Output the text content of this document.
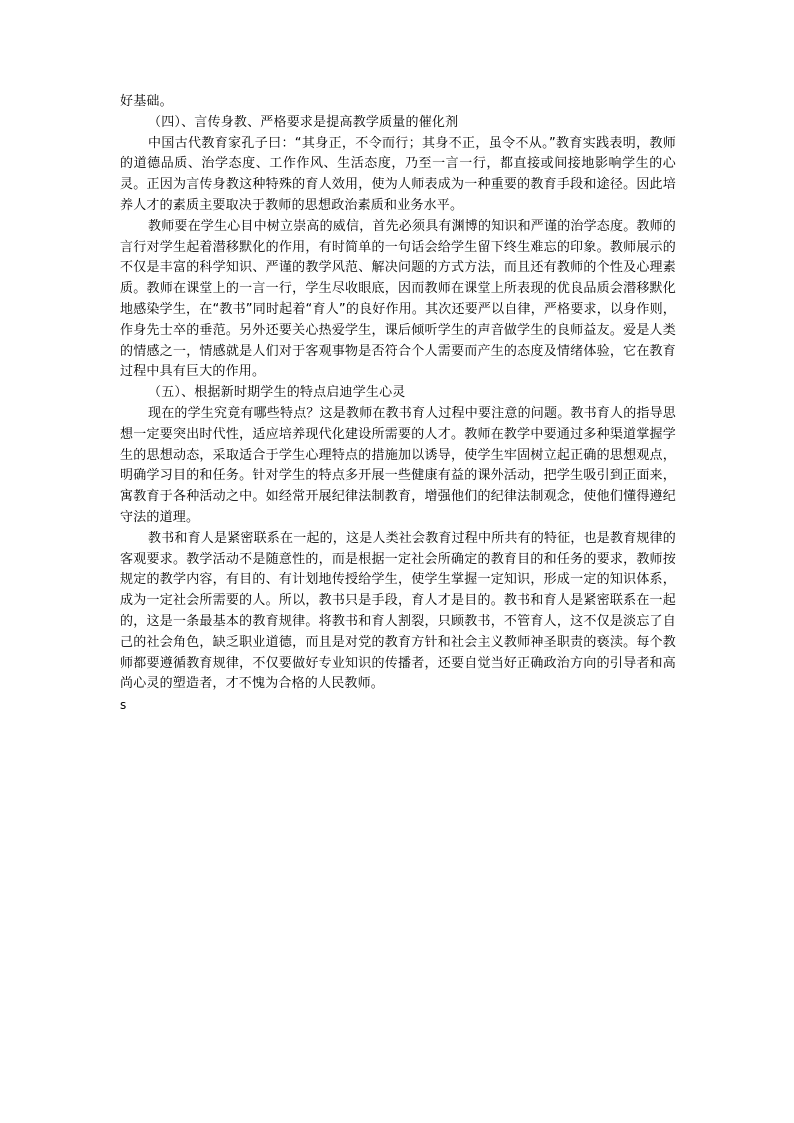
好基础。

（四）、言传身教、严格要求是提高教学质量的催化剂

中国古代教育家孔子曰：“其身正，不令而行；其身不正，虽令不从。”教育实践表明，教师的道德品质、治学态度、工作作风、生活态度，乃至一言一行，都直接或间接地影响学生的心灵。正因为言传身教这种特殊的育人效用，使为人师表成为一种重要的教育手段和途径。因此培养人才的素质主要取决于教师的思想政治素质和业务水平。

教师要在学生心目中树立崇高的威信，首先必须具有渊博的知识和严谨的治学态度。教师的言行对学生起着潜移默化的作用，有时简单的一句话会给学生留下终生难忘的印象。教师展示的不仅是丰富的科学知识、严谨的教学风范、解决问题的方式方法，而且还有教师的个性及心理素质。教师在课堂上的一言一行，学生尽收眼底，因而教师在课堂上所表现的优良品质会潜移默化地感染学生，在“教书”同时起着“育人”的良好作用。其次还要严以自律，严格要求，以身作则，作身先士卒的垂范。另外还要关心热爱学生，课后倾听学生的声音做学生的良师益友。爱是人类的情感之一，情感就是人们对于客观事物是否符合个人需要而产生的态度及情绪体验，它在教育过程中具有巨大的作用。

（五）、根据新时期学生的特点启迪学生心灵

现在的学生究竟有哪些特点？这是教师在教书育人过程中要注意的问题。教书育人的指导思想一定要突出时代性，适应培养现代化建设所需要的人才。教师在教学中要通过多种渠道掌握学生的思想动态，采取适合于学生心理特点的措施加以诱导，使学生牢固树立起正确的思想观点，明确学习目的和任务。针对学生的特点多开展一些健康有益的课外活动，把学生吸引到正面来，寓教育于各种活动之中。如经常开展纪律法制教育，增强他们的纪律法制观念，使他们懂得遵纪守法的道理。

教书和育人是紧密联系在一起的，这是人类社会教育过程中所共有的特征，也是教育规律的客观要求。教学活动不是随意性的，而是根据一定社会所确定的教育目的和任务的要求，教师按规定的教学内容，有目的、有计划地传授给学生，使学生掌握一定知识，形成一定的知识体系，成为一定社会所需要的人。所以，教书只是手段，育人才是目的。教书和育人是紧密联系在一起的，这是一条最基本的教育规律。将教书和育人割裂，只顾教书，不管育人，这不仅是淡忘了自己的社会角色，缺乏职业道德，而且是对党的教育方针和社会主义教师神圣职责的亵渎。每个教师都要遵循教育规律，不仅要做好专业知识的传播者，还要自觉当好正确政治方向的引导者和高尚心灵的塑造者，才不愧为合格的人民教师。

s
